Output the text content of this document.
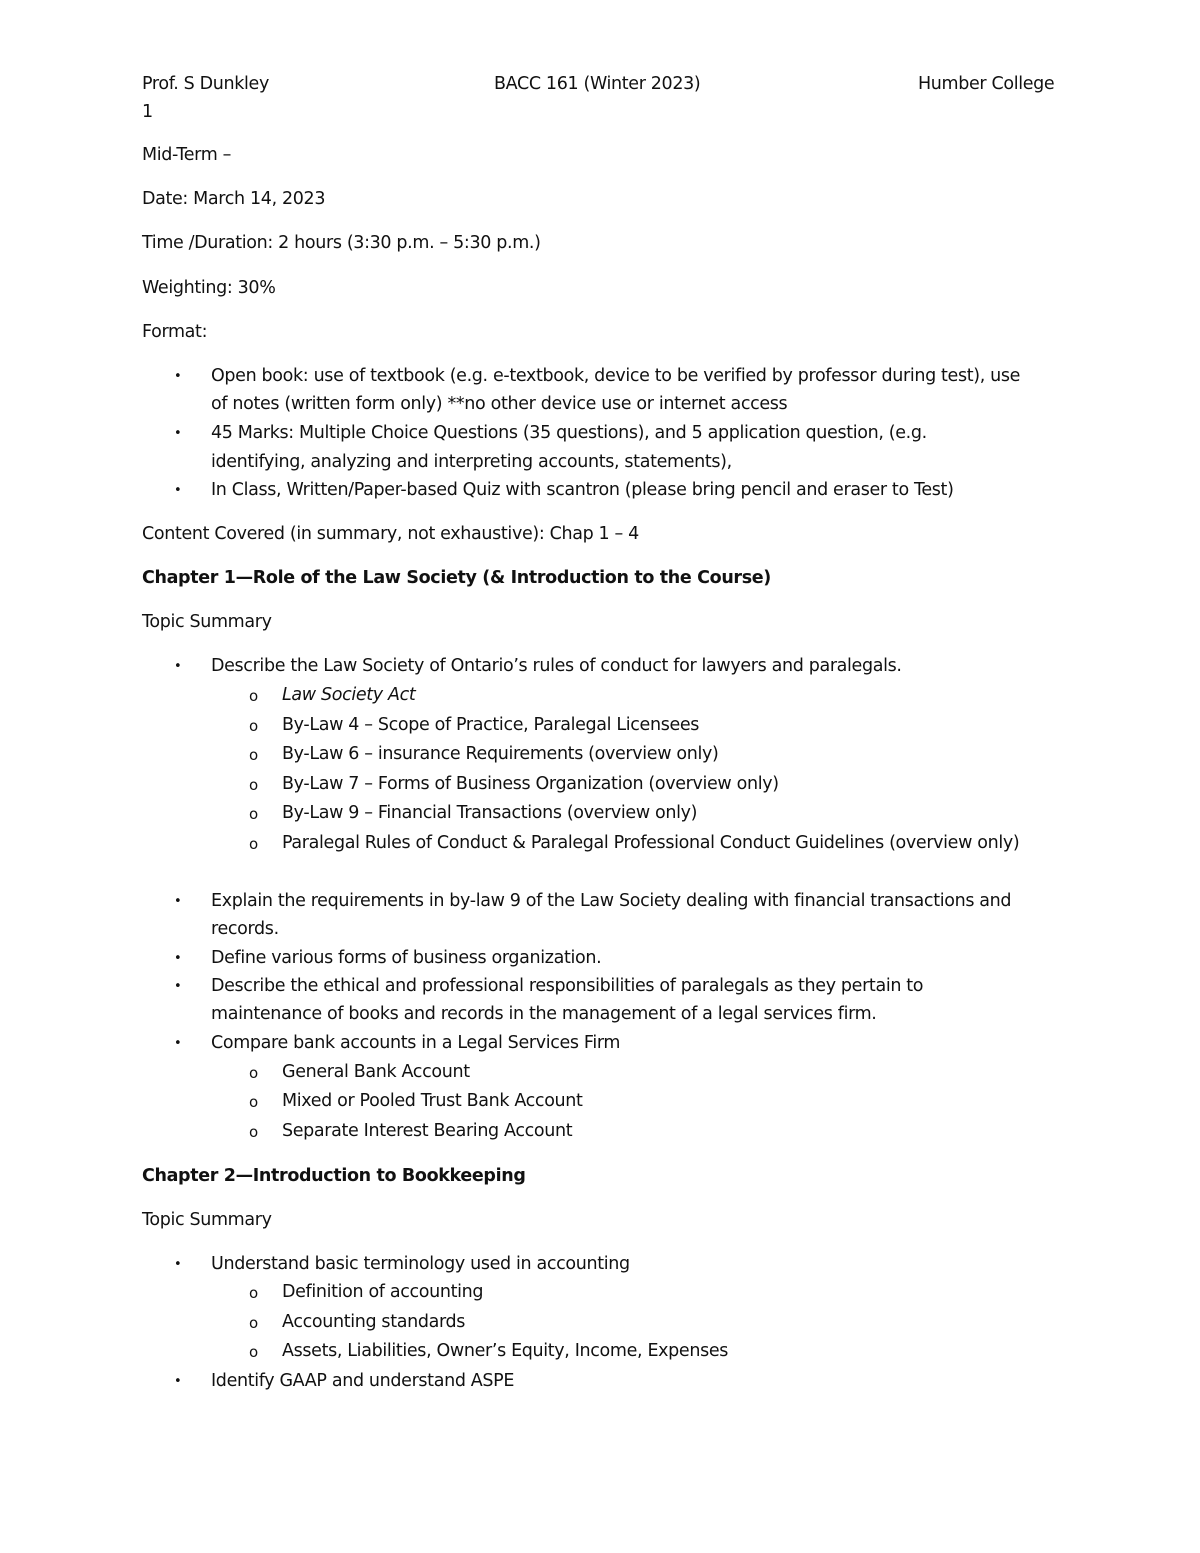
Prof. S Dunkley	BACC 161 (Winter 2023)	Humber College
1
Mid-Term –
Date: March 14, 2023
Time /Duration: 2 hours (3:30 p.m. – 5:30 p.m.)
Weighting: 30%
Format:
• Open book: use of textbook (e.g. e-textbook, device to be verified by professor during test), use
of notes (written form only) **no other device use or internet access
• 45 Marks: Multiple Choice Questions (35 questions), and 5 application question, (e.g.
identifying, analyzing and interpreting accounts, statements),
• In Class, Written/Paper-based Quiz with scantron (please bring pencil and eraser to Test)
Content Covered (in summary, not exhaustive): Chap 1 – 4
Chapter 1—Role of the Law Society (& Introduction to the Course)
Topic Summary
• Describe the Law Society of Ontario’s rules of conduct for lawyers and paralegals.
o Law Society Act
o By-Law 4 – Scope of Practice, Paralegal Licensees
o By-Law 6 – insurance Requirements (overview only)
o By-Law 7 – Forms of Business Organization (overview only)
o By-Law 9 – Financial Transactions (overview only)
o Paralegal Rules of Conduct & Paralegal Professional Conduct Guidelines (overview only)
• Explain the requirements in by-law 9 of the Law Society dealing with financial transactions and
records.
• Define various forms of business organization.
• Describe the ethical and professional responsibilities of paralegals as they pertain to
maintenance of books and records in the management of a legal services firm.
• Compare bank accounts in a Legal Services Firm
o General Bank Account
o Mixed or Pooled Trust Bank Account
o Separate Interest Bearing Account
Chapter 2—Introduction to Bookkeeping
Topic Summary
• Understand basic terminology used in accounting
o Definition of accounting
o Accounting standards
o Assets, Liabilities, Owner’s Equity, Income, Expenses
• Identify GAAP and understand ASPE
